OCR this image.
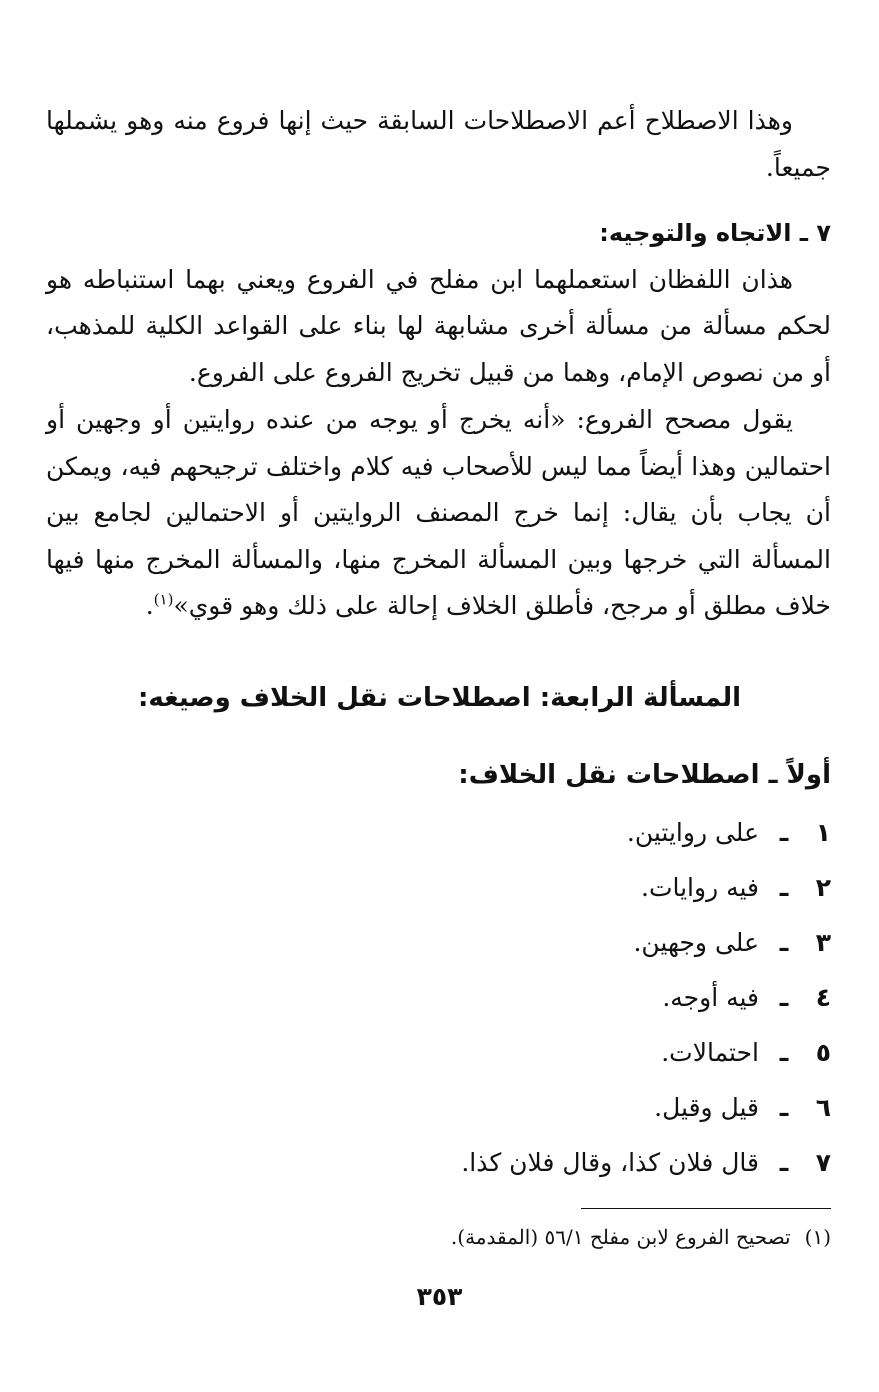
وهذا الاصطلاح أعم الاصطلاحات السابقة حيث إنها فروع منه وهو يشملها جميعاً.

٧ ـ الاتجاه والتوجيه:

هذان اللفظان استعملهما ابن مفلح في الفروع ويعني بهما استنباطه هو لحكم مسألة من مسألة أخرى مشابهة لها بناء على القواعد الكلية للمذهب، أو من نصوص الإمام، وهما من قبيل تخريج الفروع على الفروع.

يقول مصحح الفروع: «أنه يخرج أو يوجه من عنده روايتين أو وجهين أو احتمالين وهذا أيضاً مما ليس للأصحاب فيه كلام واختلف ترجيحهم فيه، ويمكن أن يجاب بأن يقال: إنما خرج المصنف الروايتين أو الاحتمالين لجامع بين المسألة التي خرجها وبين المسألة المخرج منها، والمسألة المخرج منها فيها خلاف مطلق أو مرجح، فأطلق الخلاف إحالة على ذلك وهو قوي»$^{(١)}$.

المسألة الرابعة: اصطلاحات نقل الخلاف وصيغه:
أولاً ـ اصطلاحات نقل الخلاف:
١ـعلى روايتين.
٢ـفيه روايات.
٣ـعلى وجهين.
٤ـفيه أوجه.
٥ـاحتمالات.
٦ـقيل وقيل.
٧ـقال فلان كذا، وقال فلان كذا.
(١)تصحيح الفروع لابن مفلح ٥٦/١ (المقدمة).
٣٥٣
